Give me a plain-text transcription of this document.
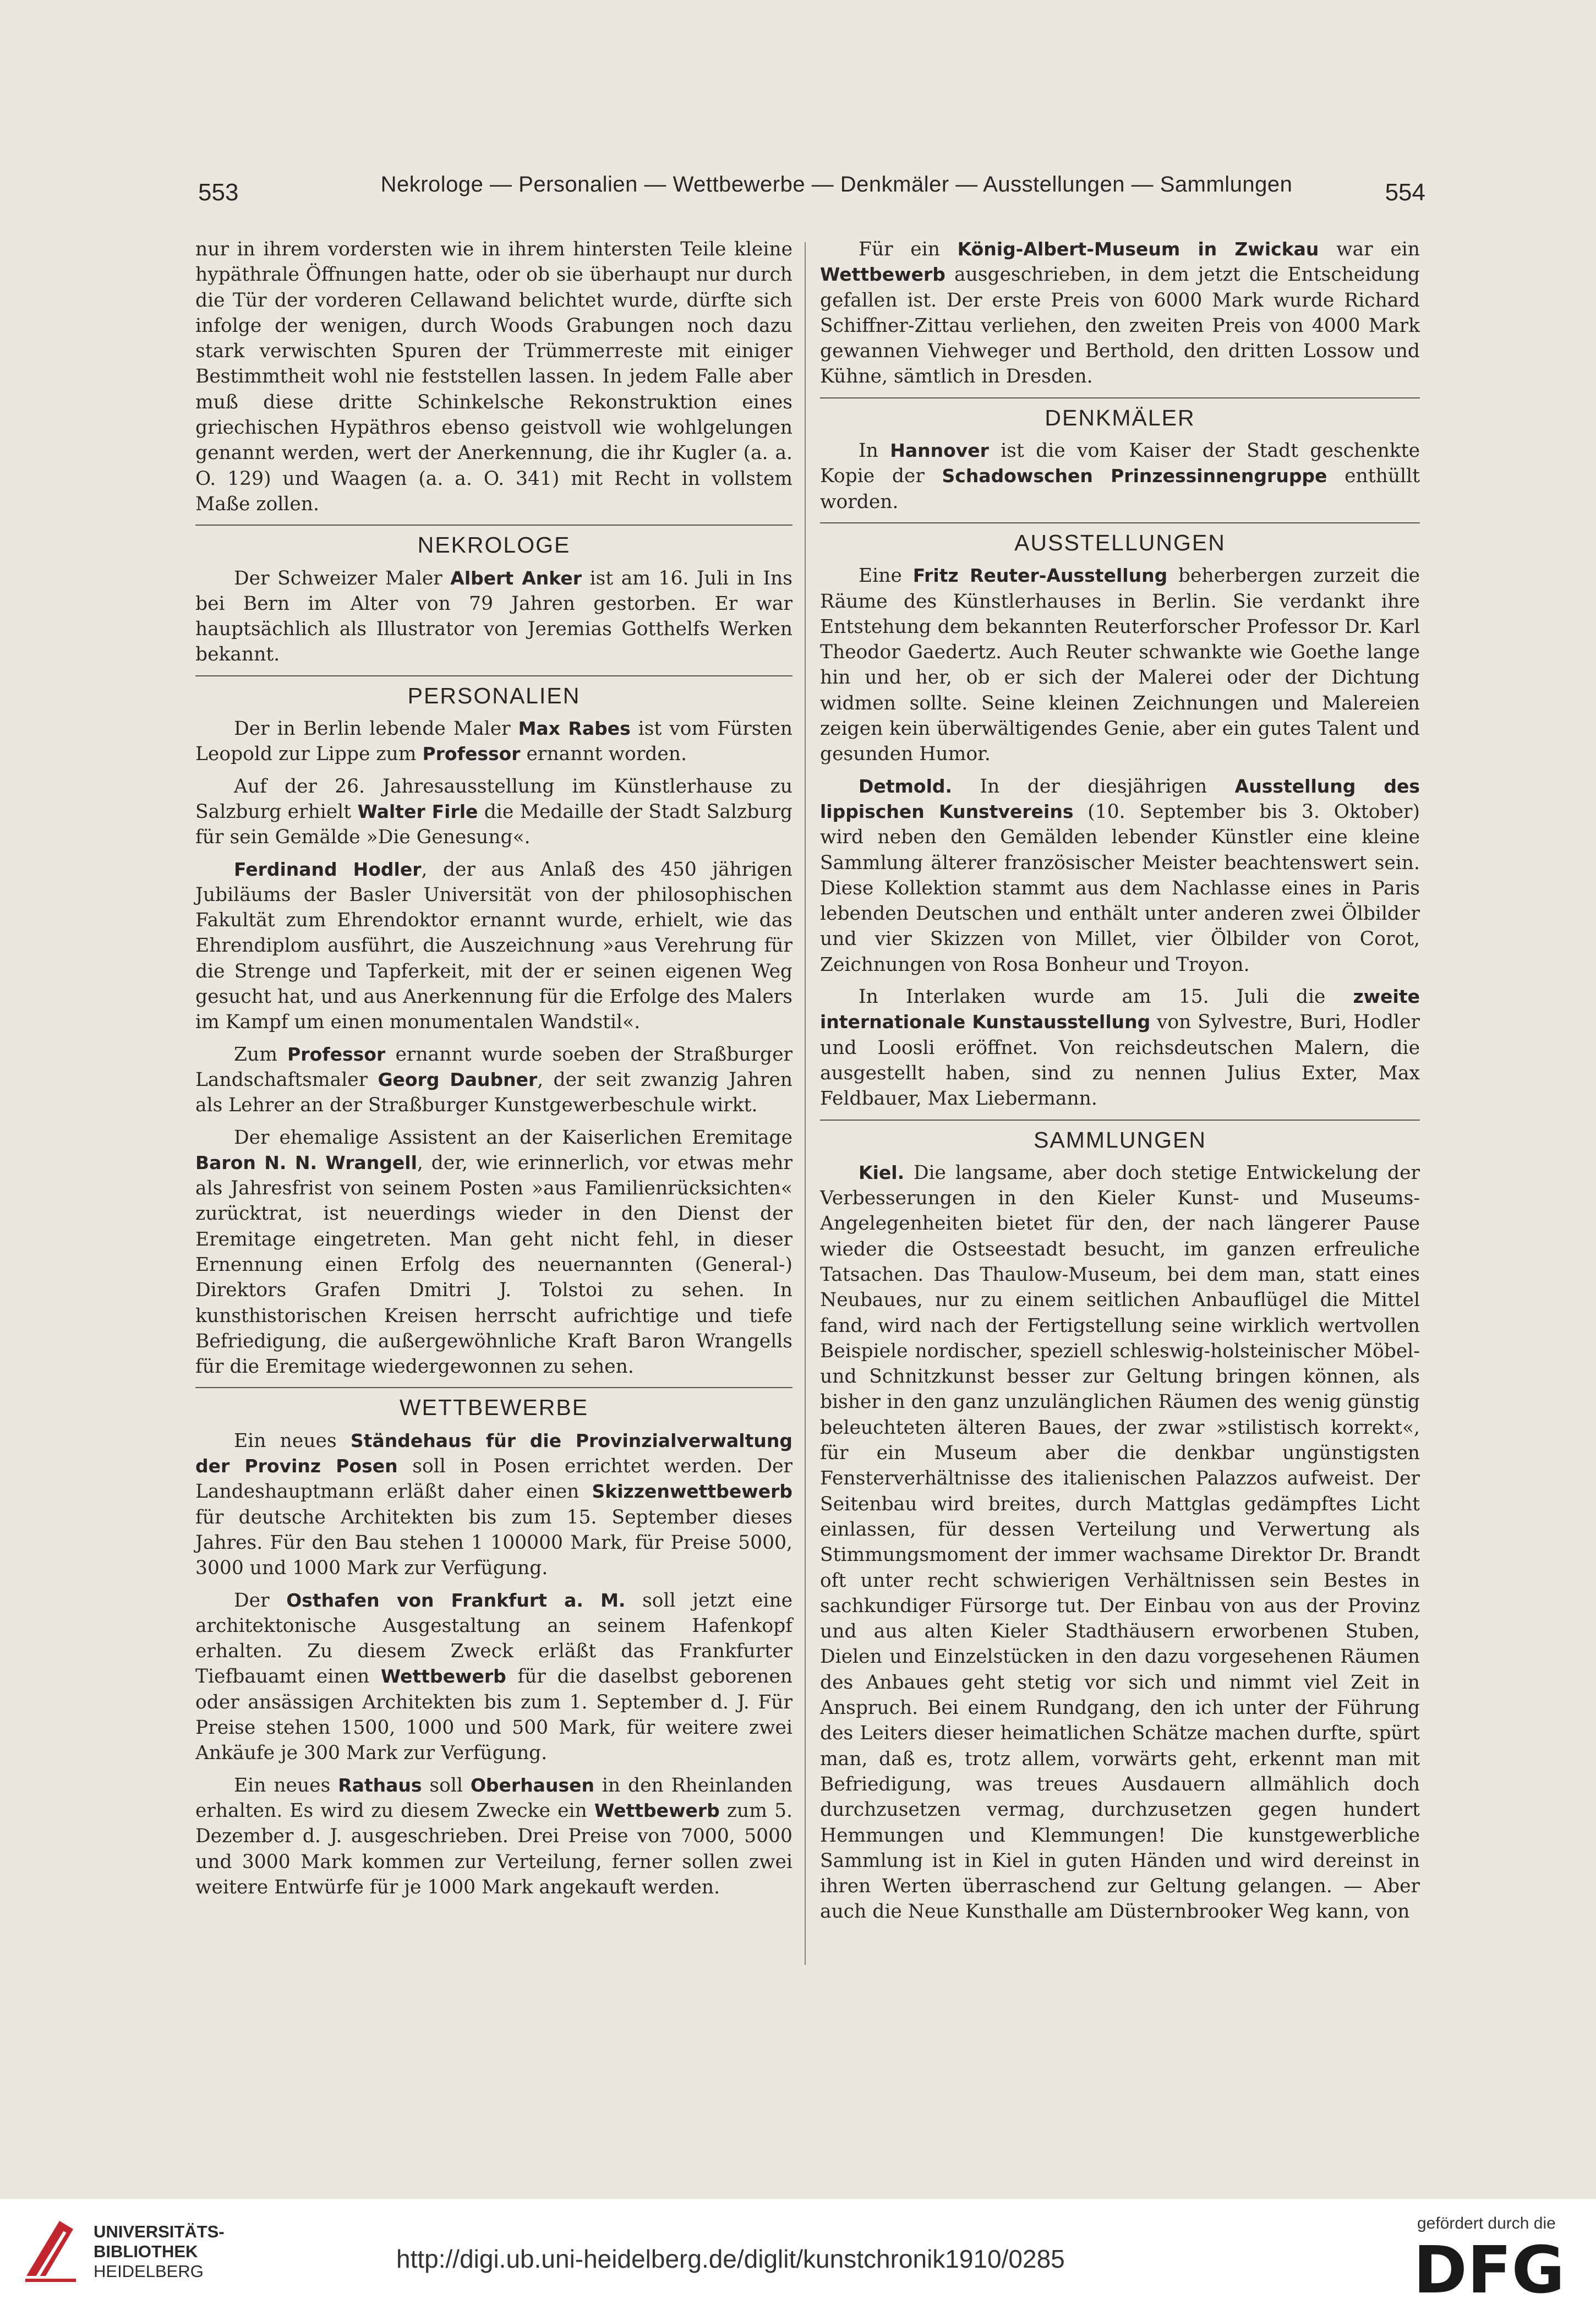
553	Nekrologe — Personalien — Wettbewerbe — Denkmäler — Ausstellungen — Sammlungen	554

nur in ihrem vordersten wie in ihrem hintersten Teile kleine hypäthrale Öffnungen hatte, oder ob sie überhaupt nur durch die Tür der vorderen Cellawand belichtet wurde, dürfte sich infolge der wenigen, durch Woods Grabungen noch dazu stark verwischten Spuren der Trümmerreste mit einiger Bestimmtheit wohl nie feststellen lassen. In jedem Falle aber muß diese dritte Schinkelsche Rekonstruktion eines griechischen Hypäthros ebenso geistvoll wie wohlgelungen genannt werden, wert der Anerkennung, die ihr Kugler (a. a. O. 129) und Waagen (a. a. O. 341) mit Recht in vollstem Maße zollen.

NEKROLOGE

Der Schweizer Maler Albert Anker ist am 16. Juli in Ins bei Bern im Alter von 79 Jahren gestorben. Er war hauptsächlich als Illustrator von Jeremias Gotthelfs Werken bekannt.

PERSONALIEN

Der in Berlin lebende Maler Max Rabes ist vom Fürsten Leopold zur Lippe zum Professor ernannt worden.

Auf der 26. Jahresausstellung im Künstlerhause zu Salzburg erhielt Walter Firle die Medaille der Stadt Salzburg für sein Gemälde »Die Genesung«.

Ferdinand Hodler, der aus Anlaß des 450 jährigen Jubiläums der Basler Universität von der philosophischen Fakultät zum Ehrendoktor ernannt wurde, erhielt, wie das Ehrendiplom ausführt, die Auszeichnung »aus Verehrung für die Strenge und Tapferkeit, mit der er seinen eigenen Weg gesucht hat, und aus Anerkennung für die Erfolge des Malers im Kampf um einen monumentalen Wandstil«.

Zum Professor ernannt wurde soeben der Straßburger Landschaftsmaler Georg Daubner, der seit zwanzig Jahren als Lehrer an der Straßburger Kunstgewerbeschule wirkt.

Der ehemalige Assistent an der Kaiserlichen Eremitage Baron N. N. Wrangell, der, wie erinnerlich, vor etwas mehr als Jahresfrist von seinem Posten »aus Familienrücksichten« zurücktrat, ist neuerdings wieder in den Dienst der Eremitage eingetreten. Man geht nicht fehl, in dieser Ernennung einen Erfolg des neuernannten (General-) Direktors Grafen Dmitri J. Tolstoi zu sehen. In kunsthistorischen Kreisen herrscht aufrichtige und tiefe Befriedigung, die außergewöhnliche Kraft Baron Wrangells für die Eremitage wiedergewonnen zu sehen.

WETTBEWERBE

Ein neues Ständehaus für die Provinzialverwaltung der Provinz Posen soll in Posen errichtet werden. Der Landeshauptmann erläßt daher einen Skizzenwettbewerb für deutsche Architekten bis zum 15. September dieses Jahres. Für den Bau stehen 1 100000 Mark, für Preise 5000, 3000 und 1000 Mark zur Verfügung.

Der Osthafen von Frankfurt a. M. soll jetzt eine architektonische Ausgestaltung an seinem Hafenkopf erhalten. Zu diesem Zweck erläßt das Frankfurter Tiefbauamt einen Wettbewerb für die daselbst geborenen oder ansässigen Architekten bis zum 1. September d. J. Für Preise stehen 1500, 1000 und 500 Mark, für weitere zwei Ankäufe je 300 Mark zur Verfügung.

Ein neues Rathaus soll Oberhausen in den Rheinlanden erhalten. Es wird zu diesem Zwecke ein Wettbewerb zum 5. Dezember d. J. ausgeschrieben. Drei Preise von 7000, 5000 und 3000 Mark kommen zur Verteilung, ferner sollen zwei weitere Entwürfe für je 1000 Mark angekauft werden.

Für ein König-Albert-Museum in Zwickau war ein Wettbewerb ausgeschrieben, in dem jetzt die Entscheidung gefallen ist. Der erste Preis von 6000 Mark wurde Richard Schiffner-Zittau verliehen, den zweiten Preis von 4000 Mark gewannen Viehweger und Berthold, den dritten Lossow und Kühne, sämtlich in Dresden.

DENKMÄLER

In Hannover ist die vom Kaiser der Stadt geschenkte Kopie der Schadowschen Prinzessinnengruppe enthüllt worden.

AUSSTELLUNGEN

Eine Fritz Reuter-Ausstellung beherbergen zurzeit die Räume des Künstlerhauses in Berlin. Sie verdankt ihre Entstehung dem bekannten Reuterforscher Professor Dr. Karl Theodor Gaedertz. Auch Reuter schwankte wie Goethe lange hin und her, ob er sich der Malerei oder der Dichtung widmen sollte. Seine kleinen Zeichnungen und Malereien zeigen kein überwältigendes Genie, aber ein gutes Talent und gesunden Humor.

Detmold. In der diesjährigen Ausstellung des lippischen Kunstvereins (10. September bis 3. Oktober) wird neben den Gemälden lebender Künstler eine kleine Sammlung älterer französischer Meister beachtenswert sein. Diese Kollektion stammt aus dem Nachlasse eines in Paris lebenden Deutschen und enthält unter anderen zwei Ölbilder und vier Skizzen von Millet, vier Ölbilder von Corot, Zeichnungen von Rosa Bonheur und Troyon.

In Interlaken wurde am 15. Juli die zweite internationale Kunstausstellung von Sylvestre, Buri, Hodler und Loosli eröffnet. Von reichsdeutschen Malern, die ausgestellt haben, sind zu nennen Julius Exter, Max Feldbauer, Max Liebermann.

SAMMLUNGEN

Kiel. Die langsame, aber doch stetige Entwickelung der Verbesserungen in den Kieler Kunst- und Museums-Angelegenheiten bietet für den, der nach längerer Pause wieder die Ostseestadt besucht, im ganzen erfreuliche Tatsachen. Das Thaulow-Museum, bei dem man, statt eines Neubaues, nur zu einem seitlichen Anbauflügel die Mittel fand, wird nach der Fertigstellung seine wirklich wertvollen Beispiele nordischer, speziell schleswig-holsteinischer Möbel- und Schnitzkunst besser zur Geltung bringen können, als bisher in den ganz unzulänglichen Räumen des wenig günstig beleuchteten älteren Baues, der zwar »stilistisch korrekt«, für ein Museum aber die denkbar ungünstigsten Fensterverhältnisse des italienischen Palazzos aufweist. Der Seitenbau wird breites, durch Mattglas gedämpftes Licht einlassen, für dessen Verteilung und Verwertung als Stimmungsmoment der immer wachsame Direktor Dr. Brandt oft unter recht schwierigen Verhältnissen sein Bestes in sachkundiger Fürsorge tut. Der Einbau von aus der Provinz und aus alten Kieler Stadthäusern erworbenen Stuben, Dielen und Einzelstücken in den dazu vorgesehenen Räumen des Anbaues geht stetig vor sich und nimmt viel Zeit in Anspruch. Bei einem Rundgang, den ich unter der Führung des Leiters dieser heimatlichen Schätze machen durfte, spürt man, daß es, trotz allem, vorwärts geht, erkennt man mit Befriedigung, was treues Ausdauern allmählich doch durchzusetzen vermag, durchzusetzen gegen hundert Hemmungen und Klemmungen! Die kunstgewerbliche Sammlung ist in Kiel in guten Händen und wird dereinst in ihren Werten überraschend zur Geltung gelangen. — Aber auch die Neue Kunsthalle am Düsternbrooker Weg kann, von

UNIVERSITÄTS-
BIBLIOTHEK
HEIDELBERG	http://digi.ub.uni-heidelberg.de/diglit/kunstchronik1910/0285
gefördert durch die
DFG
